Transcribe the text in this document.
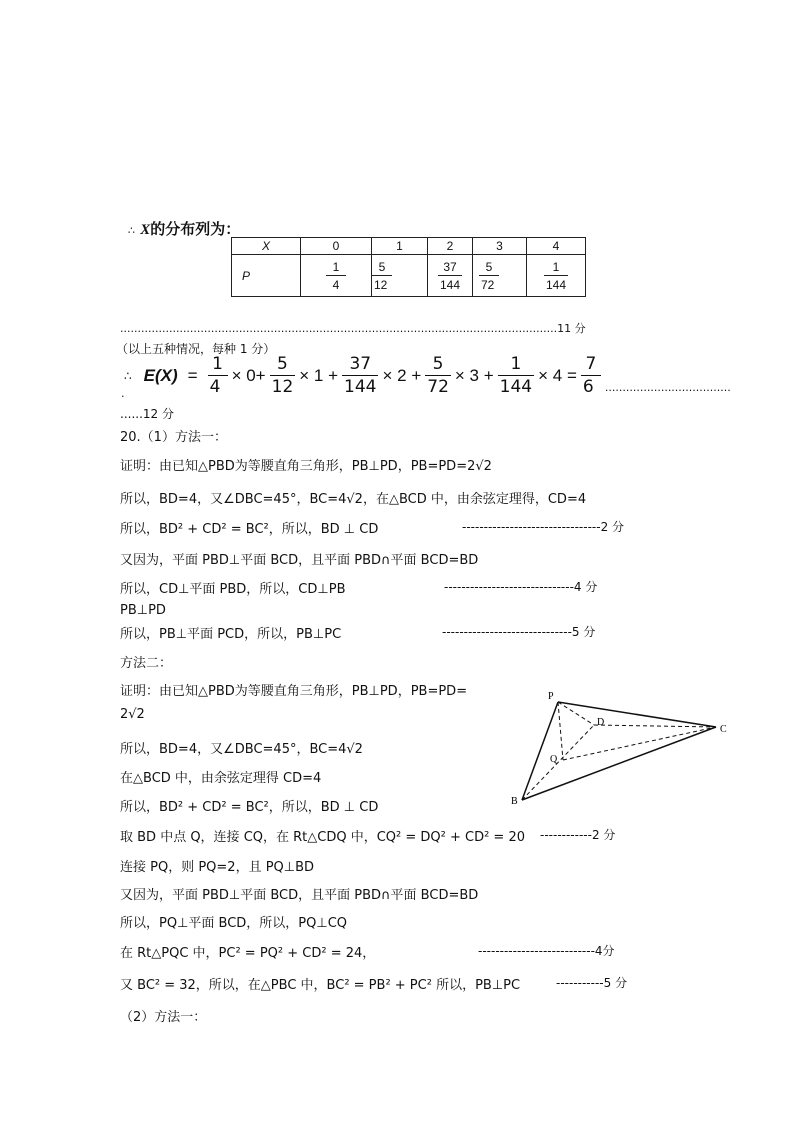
∴ X的分布列为：
X	0	1	2	3	4
P	$\frac{1}{4}$	$\frac{5}{12}$	$\frac{37}{144}$	$\frac{5}{72}$	$\frac{1}{144}$
.............................................................................................................................11 分
（以上五种情况，每种 1 分）
∴ $E(X) = \frac{1}{4} \times 0+ \frac{5}{12} \times 1 + \frac{37}{144} \times 2 + \frac{5}{72} \times 3 + \frac{1}{144} \times 4 = \frac{7}{6}$ ....................................
.
......12 分
20.（1）方法一：
证明：由已知△PBD为等腰直角三角形，PB⊥PD，PB=PD=2√2
所以，BD=4，又∠DBC=45°，BC=4√2，在△BCD 中，由余弦定理得，CD=4
所以，BD² + CD² = BC²，所以，BD ⊥ CD	--------------------------------2 分
又因为，平面 PBD⊥平面 BCD，且平面 PBD∩平面 BCD=BD
所以，CD⊥平面 PBD，所以，CD⊥PB	------------------------------4 分
PB⊥PD
所以，PB⊥平面 PCD，所以，PB⊥PC	------------------------------5 分
方法二：
证明：由已知△PBD为等腰直角三角形，PB⊥PD，PB=PD=
2√2
所以，BD=4，又∠DBC=45°，BC=4√2
在△BCD 中，由余弦定理得 CD=4
所以，BD² + CD² = BC²，所以，BD ⊥ CD
取 BD 中点 Q，连接 CQ，在 Rt△CDQ 中，CQ² = DQ² + CD² = 20 ------------2 分
连接 PQ，则 PQ=2，且 PQ⊥BD
又因为，平面 PBD⊥平面 BCD，且平面 PBD∩平面 BCD=BD
所以，PQ⊥平面 BCD，所以，PQ⊥CQ
在 Rt△PQC 中，PC² = PQ² + CD² = 24，	---------------------------4分
又 BC² = 32，所以，在△PBC 中，BC² = PB² + PC² 所以，PB⊥PC	-----------5 分
（2）方法一：
P
D
Q
B
C
